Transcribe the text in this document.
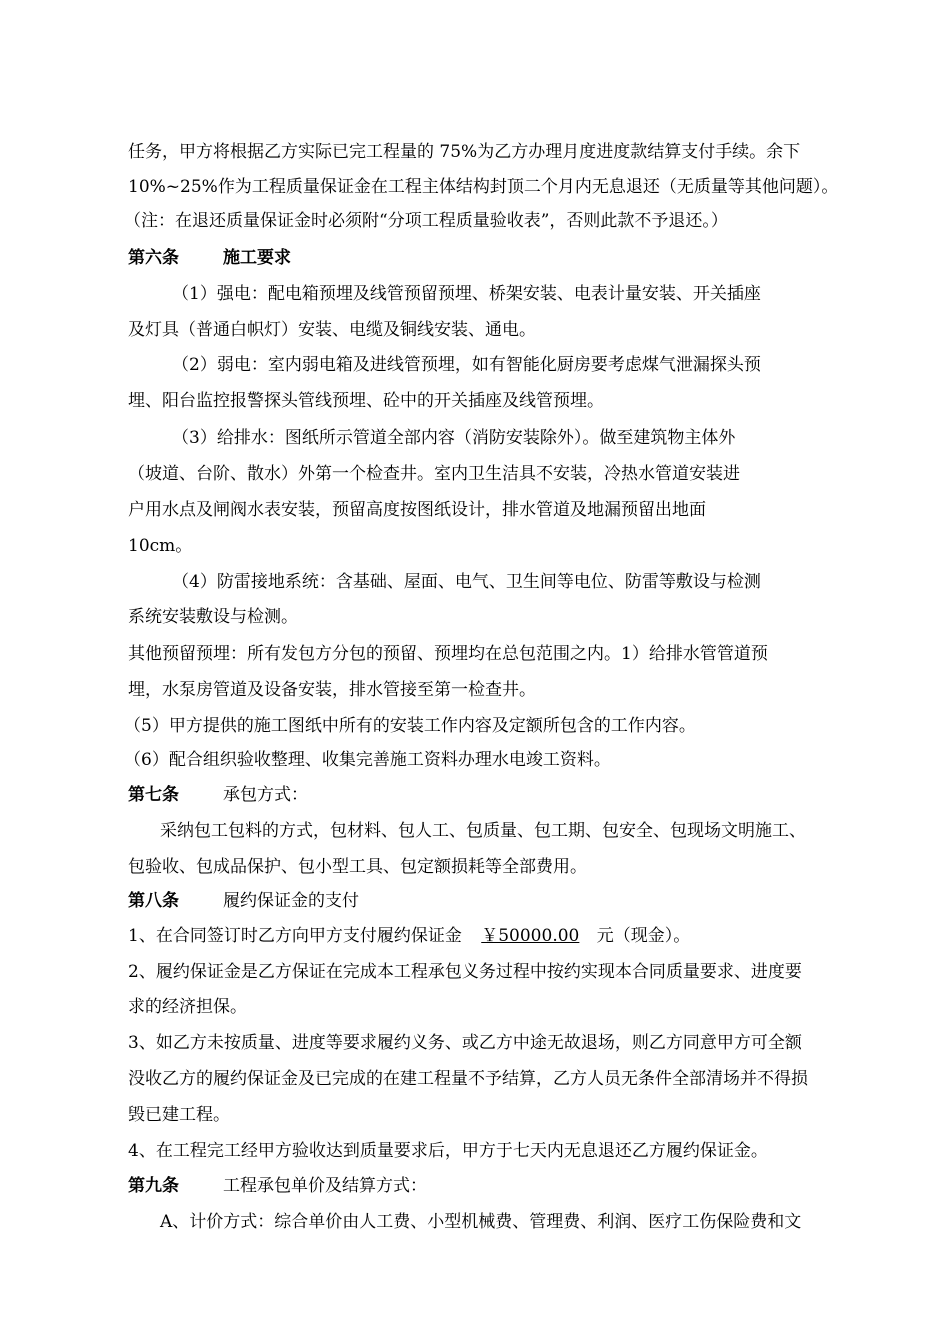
任务，甲方将根据乙方实际已完工程量的 75%为乙方办理月度进度款结算支付手续。余下
10%~25%作为工程质量保证金在工程主体结构封顶二个月内无息退还（无质量等其他问题）。
（注：在退还质量保证金时必须附“分项工程质量验收表”，否则此款不予退还。）
第六条	施工要求
（1）强电：配电箱预埋及线管预留预埋、桥架安装、电表计量安装、开关插座
及灯具（普通白帜灯）安装、电缆及铜线安装、通电。
（2）弱电：室内弱电箱及进线管预埋，如有智能化厨房要考虑煤气泄漏探头预
埋、阳台监控报警探头管线预埋、砼中的开关插座及线管预埋。
（3）给排水：图纸所示管道全部内容（消防安装除外）。做至建筑物主体外
（坡道、台阶、散水）外第一个检查井。室内卫生洁具不安装，冷热水管道安装进
户用水点及闸阀水表安装，预留高度按图纸设计，排水管道及地漏预留出地面
10cm。
（4）防雷接地系统：含基础、屋面、电气、卫生间等电位、防雷等敷设与检测
系统安装敷设与检测。
其他预留预埋：所有发包方分包的预留、预埋均在总包范围之内。1）给排水管管道预
埋，水泵房管道及设备安装，排水管接至第一检查井。
（5）甲方提供的施工图纸中所有的安装工作内容及定额所包含的工作内容。
（6）配合组织验收整理、收集完善施工资料办理水电竣工资料。
第七条	承包方式：
采纳包工包料的方式，包材料、包人工、包质量、包工期、包安全、包现场文明施工、
包验收、包成品保护、包小型工具、包定额损耗等全部费用。
第八条	履约保证金的支付
1、在合同签订时乙方向甲方支付履约保证金 ￥50000.00 元（现金）。
2、履约保证金是乙方保证在完成本工程承包义务过程中按约实现本合同质量要求、进度要
求的经济担保。
3、如乙方未按质量、进度等要求履约义务、或乙方中途无故退场，则乙方同意甲方可全额
没收乙方的履约保证金及已完成的在建工程量不予结算，乙方人员无条件全部清场并不得损
毁已建工程。
4、在工程完工经甲方验收达到质量要求后，甲方于七天内无息退还乙方履约保证金。
第九条	工程承包单价及结算方式：
A、计价方式：综合单价由人工费、小型机械费、管理费、利润、医疗工伤保险费和文
